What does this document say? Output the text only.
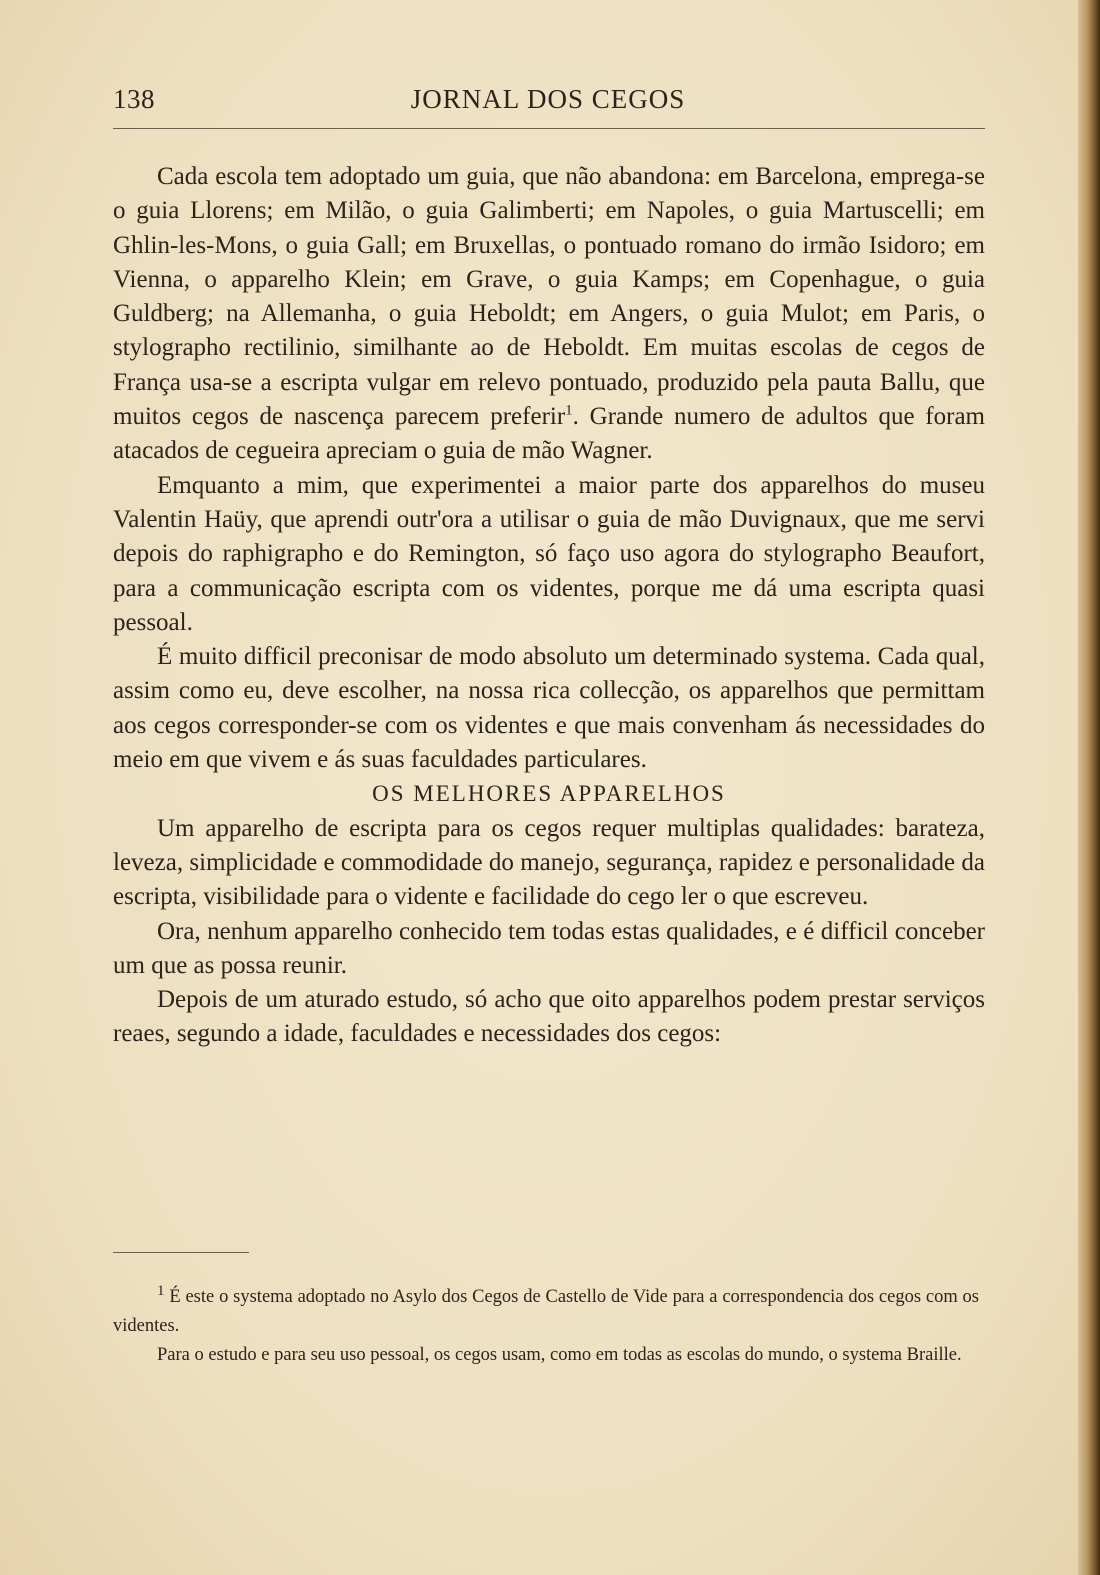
JORNAL DOS CEGOS
138

Cada escola tem adoptado um guia, que não abandona: em Barcelona, emprega-se o guia Llorens; em Milão, o guia Galimberti; em Napoles, o guia Martuscelli; em Ghlin-les-Mons, o guia Gall; em Bruxellas, o pontuado romano do irmão Isidoro; em Vienna, o apparelho Klein; em Grave, o guia Kamps; em Copenhague, o guia Guldberg; na Allemanha, o guia Heboldt; em Angers, o guia Mulot; em Paris, o stylographo rectilinio, similhante ao de Heboldt. Em muitas escolas de cegos de França usa-se a escripta vulgar em relevo pontuado, produzido pela pauta Ballu, que muitos cegos de nascença parecem preferir$^1$. Grande numero de adultos que foram atacados de cegueira apreciam o guia de mão Wagner.

Emquanto a mim, que experimentei a maior parte dos apparelhos do museu Valentin Haüy, que aprendi outr'ora a utilisar o guia de mão Duvignaux, que me servi depois do raphigrapho e do Remington, só faço uso agora do stylographo Beaufort, para a communicação escripta com os videntes, porque me dá uma escripta quasi pessoal.

É muito difficil preconisar de modo absoluto um determinado systema. Cada qual, assim como eu, deve escolher, na nossa rica collecção, os apparelhos que permittam aos cegos corresponder-se com os videntes e que mais convenham ás necessidades do meio em que vivem e ás suas faculdades particulares.

OS MELHORES APPARELHOS

Um apparelho de escripta para os cegos requer multiplas qualidades: barateza, leveza, simplicidade e commodidade do manejo, segurança, rapidez e personalidade da escripta, visibilidade para o vidente e facilidade do cego ler o que escreveu.

Ora, nenhum apparelho conhecido tem todas estas qualidades, e é difficil conceber um que as possa reunir.

Depois de um aturado estudo, só acho que oito apparelhos podem prestar serviços reaes, segundo a idade, faculdades e necessidades dos cegos:

$^1$ É este o systema adoptado no Asylo dos Cegos de Castello de Vide para a correspondencia dos cegos com os videntes.

Para o estudo e para seu uso pessoal, os cegos usam, como em todas as escolas do mundo, o systema Braille.
